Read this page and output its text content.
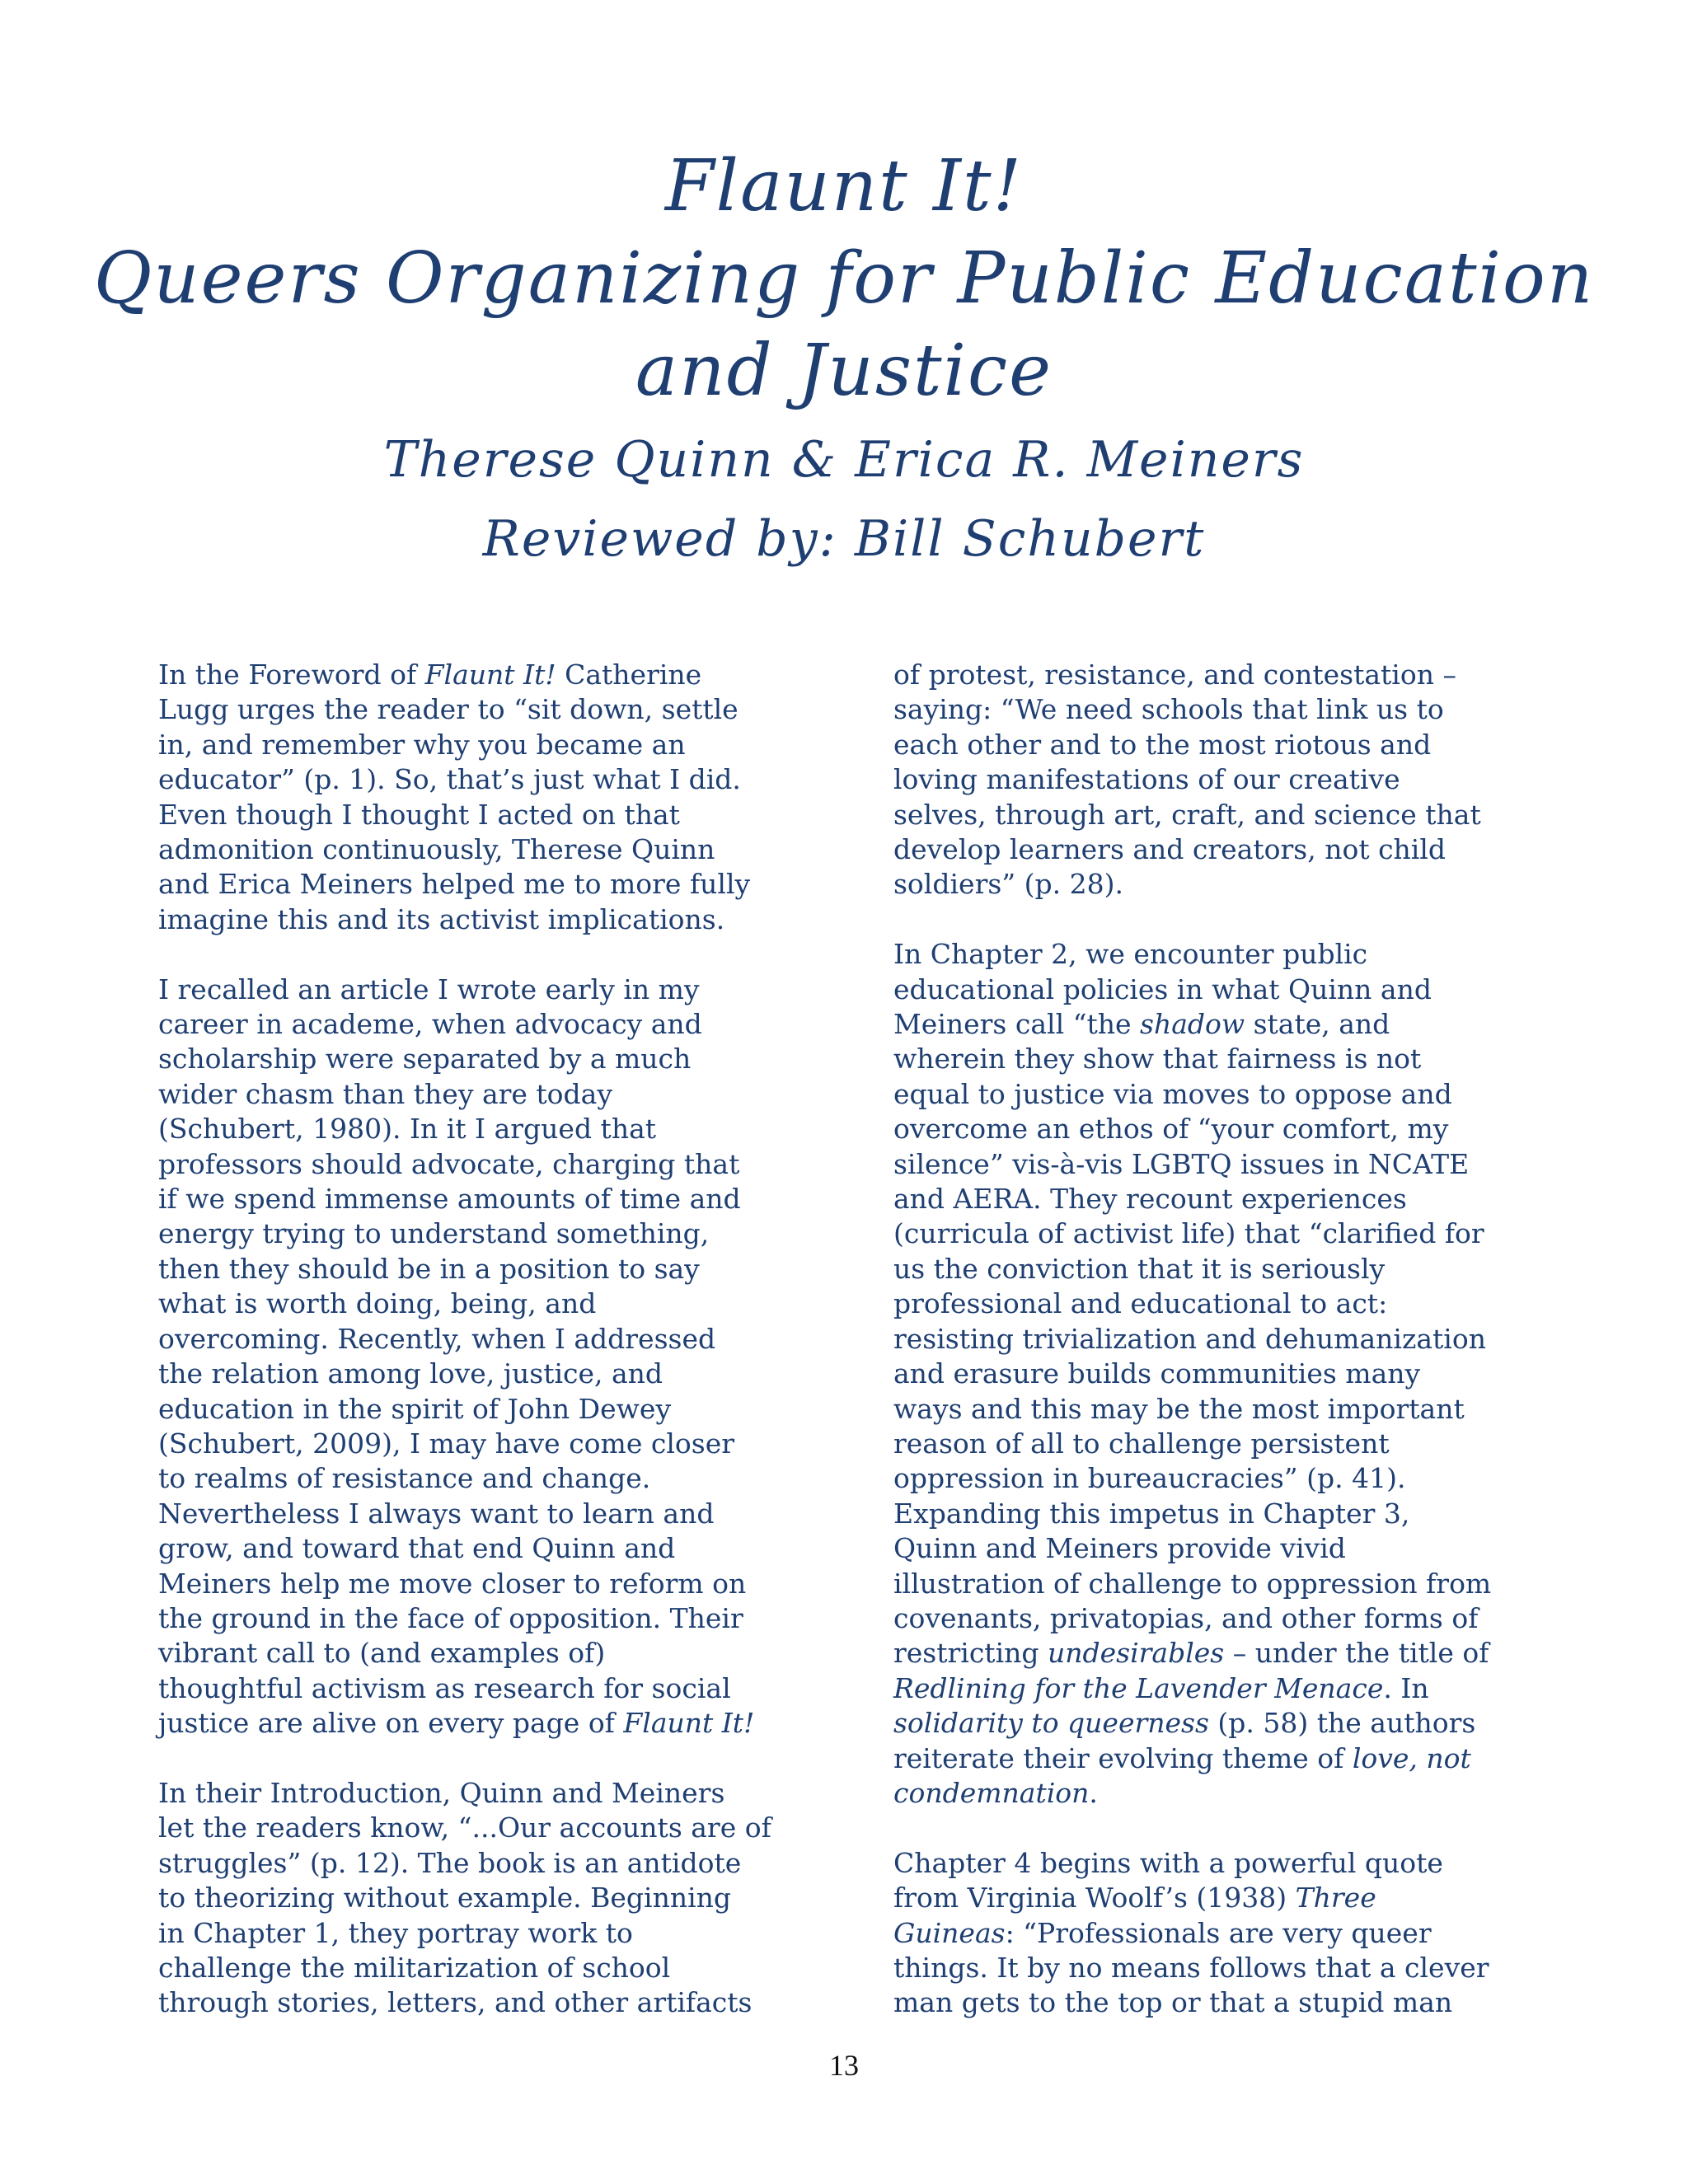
Flaunt It!
Queers Organizing for Public Education
and Justice
Therese Quinn & Erica R. Meiners
Reviewed by: Bill Schubert

In the Foreword of Flaunt It! Catherine
Lugg urges the reader to “sit down, settle
in, and remember why you became an
educator” (p. 1). So, that’s just what I did.
Even though I thought I acted on that
admonition continuously, Therese Quinn
and Erica Meiners helped me to more fully
imagine this and its activist implications.

I recalled an article I wrote early in my
career in academe, when advocacy and
scholarship were separated by a much
wider chasm than they are today
(Schubert, 1980). In it I argued that
professors should advocate, charging that
if we spend immense amounts of time and
energy trying to understand something,
then they should be in a position to say
what is worth doing, being, and
overcoming. Recently, when I addressed
the relation among love, justice, and
education in the spirit of John Dewey
(Schubert, 2009), I may have come closer
to realms of resistance and change.
Nevertheless I always want to learn and
grow, and toward that end Quinn and
Meiners help me move closer to reform on
the ground in the face of opposition. Their
vibrant call to (and examples of)
thoughtful activism as research for social
justice are alive on every page of Flaunt It!

In their Introduction, Quinn and Meiners
let the readers know, “...Our accounts are of
struggles” (p. 12). The book is an antidote
to theorizing without example. Beginning
in Chapter 1, they portray work to
challenge the militarization of school
through stories, letters, and other artifacts

of protest, resistance, and contestation –
saying: “We need schools that link us to
each other and to the most riotous and
loving manifestations of our creative
selves, through art, craft, and science that
develop learners and creators, not child
soldiers” (p. 28).

In Chapter 2, we encounter public
educational policies in what Quinn and
Meiners call “the shadow state, and
wherein they show that fairness is not
equal to justice via moves to oppose and
overcome an ethos of “your comfort, my
silence” vis-à-vis LGBTQ issues in NCATE
and AERA. They recount experiences
(curricula of activist life) that “clarified for
us the conviction that it is seriously
professional and educational to act:
resisting trivialization and dehumanization
and erasure builds communities many
ways and this may be the most important
reason of all to challenge persistent
oppression in bureaucracies” (p. 41).
Expanding this impetus in Chapter 3,
Quinn and Meiners provide vivid
illustration of challenge to oppression from
covenants, privatopias, and other forms of
restricting undesirables – under the title of
Redlining for the Lavender Menace. In
solidarity to queerness (p. 58) the authors
reiterate their evolving theme of love, not
condemnation.

Chapter 4 begins with a powerful quote
from Virginia Woolf’s (1938) Three
Guineas: “Professionals are very queer
things. It by no means follows that a clever
man gets to the top or that a stupid man

13
